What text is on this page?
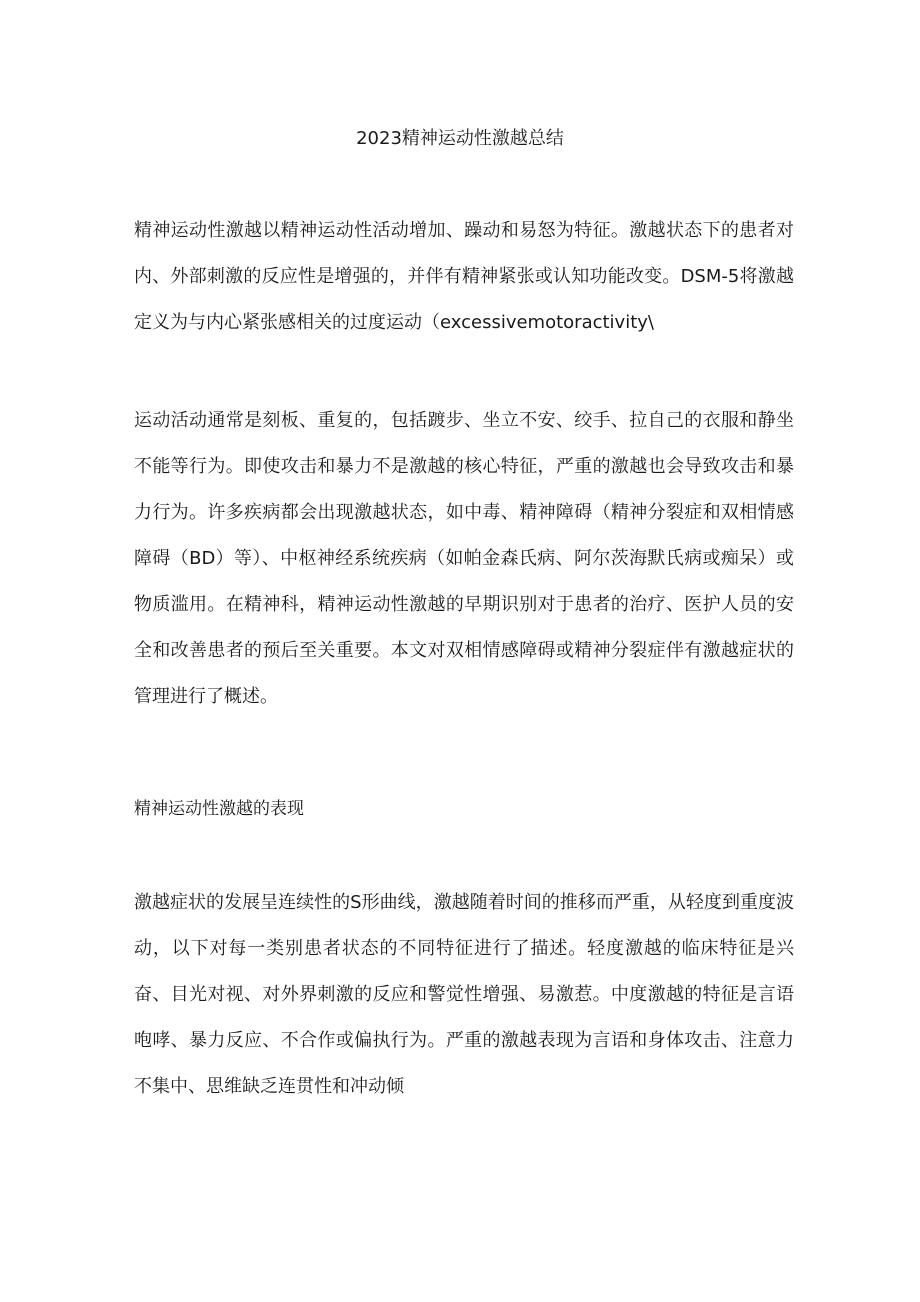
2023精神运动性激越总结

精神运动性激越以精神运动性活动增加、躁动和易怒为特征。激越状态下的患者对内、外部刺激的反应性是增强的，并伴有精神紧张或认知功能改变。DSM-5将激越定义为与内心紧张感相关的过度运动（excessivemotoractivity\

运动活动通常是刻板、重复的，包括踱步、坐立不安、绞手、拉自己的衣服和静坐不能等行为。即使攻击和暴力不是激越的核心特征，严重的激越也会导致攻击和暴力行为。许多疾病都会出现激越状态，如中毒、精神障碍（精神分裂症和双相情感障碍（BD）等）、中枢神经系统疾病（如帕金森氏病、阿尔茨海默氏病或痴呆）或物质滥用。在精神科，精神运动性激越的早期识别对于患者的治疗、医护人员的安全和改善患者的预后至关重要。本文对双相情感障碍或精神分裂症伴有激越症状的管理进行了概述。

精神运动性激越的表现

激越症状的发展呈连续性的S形曲线，激越随着时间的推移而严重，从轻度到重度波动，以下对每一类别患者状态的不同特征进行了描述。轻度激越的临床特征是兴奋、目光对视、对外界刺激的反应和警觉性增强、易激惹。中度激越的特征是言语咆哮、暴力反应、不合作或偏执行为。严重的激越表现为言语和身体攻击、注意力不集中、思维缺乏连贯性和冲动倾
